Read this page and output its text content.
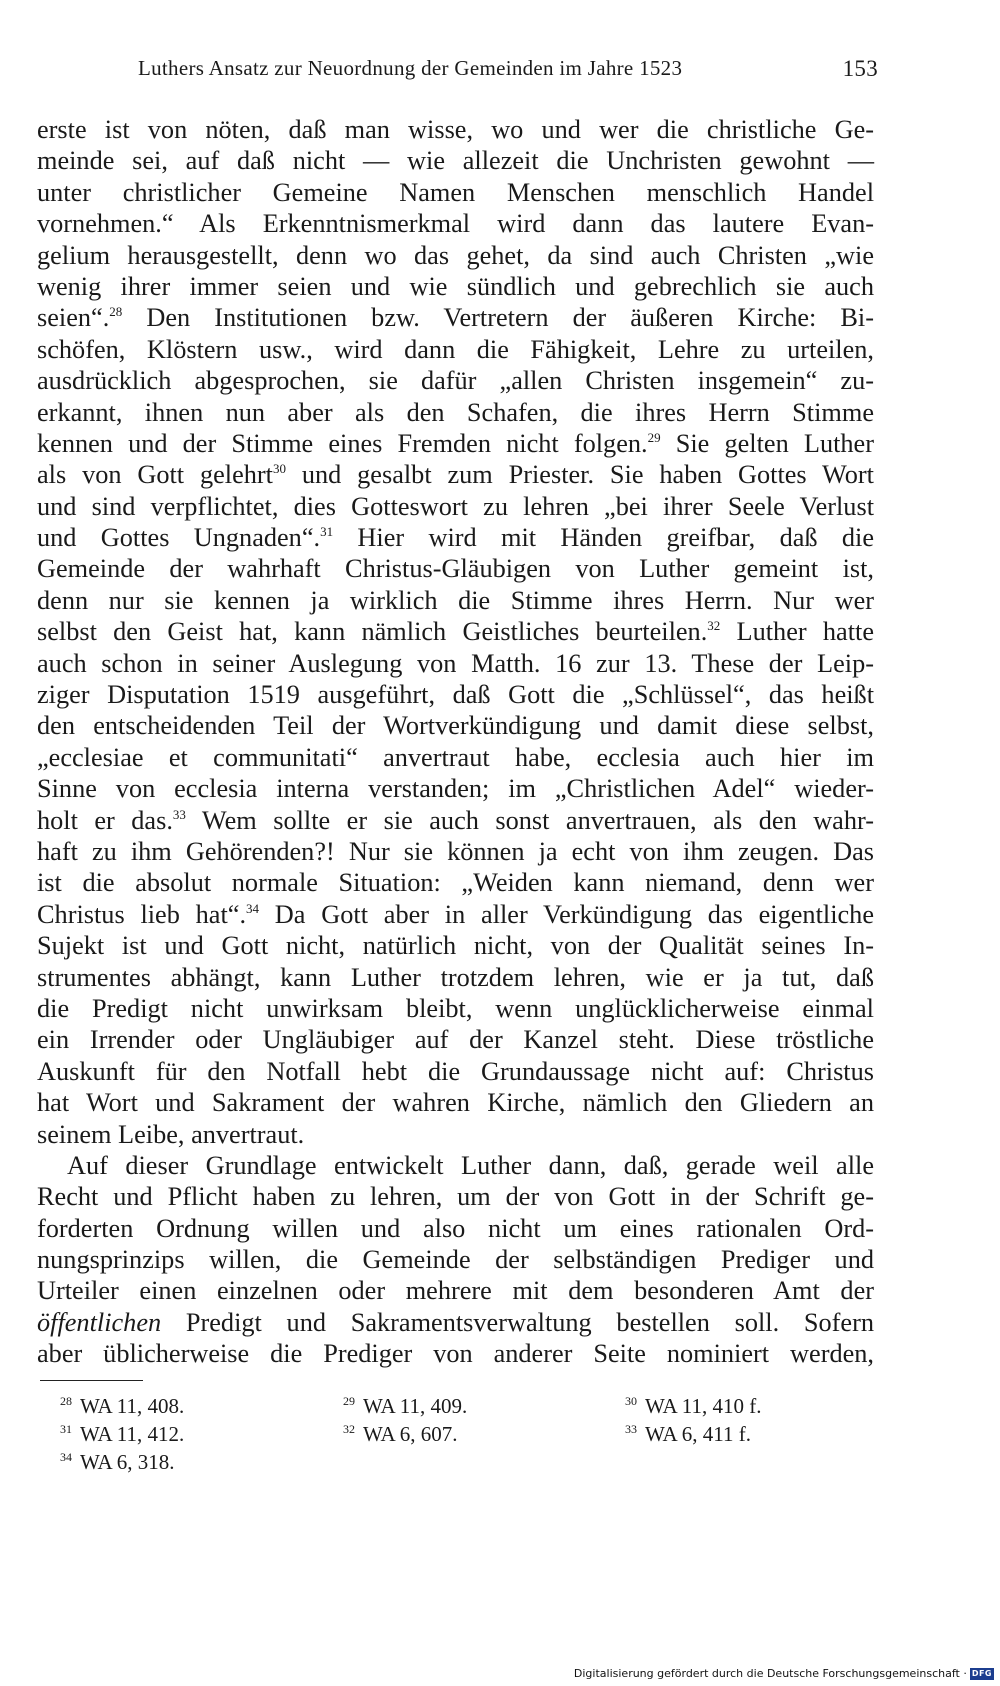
Luthers Ansatz zur Neuordnung der Gemeinden im Jahre 1523	153
erste ist von nöten, daß man wisse, wo und wer die christliche Ge-
meinde sei, auf daß nicht — wie allezeit die Unchristen gewohnt —
unter christlicher Gemeine Namen Menschen menschlich Handel
vornehmen.“ Als Erkenntnismerkmal wird dann das lautere Evan-
gelium herausgestellt, denn wo das gehet, da sind auch Christen „wie
wenig ihrer immer seien und wie sündlich und gebrechlich sie auch
seien“.$^{28}$ Den Institutionen bzw. Vertretern der äußeren Kirche: Bi-
schöfen, Klöstern usw., wird dann die Fähigkeit, Lehre zu urteilen,
ausdrücklich abgesprochen, sie dafür „allen Christen insgemein“ zu-
erkannt, ihnen nun aber als den Schafen, die ihres Herrn Stimme
kennen und der Stimme eines Fremden nicht folgen.$^{29}$ Sie gelten Luther
als von Gott gelehrt$^{30}$ und gesalbt zum Priester. Sie haben Gottes Wort
und sind verpflichtet, dies Gotteswort zu lehren „bei ihrer Seele Verlust
und Gottes Ungnaden“.$^{31}$ Hier wird mit Händen greifbar, daß die
Gemeinde der wahrhaft Christus-Gläubigen von Luther gemeint ist,
denn nur sie kennen ja wirklich die Stimme ihres Herrn. Nur wer
selbst den Geist hat, kann nämlich Geistliches beurteilen.$^{32}$ Luther hatte
auch schon in seiner Auslegung von Matth. 16 zur 13. These der Leip-
ziger Disputation 1519 ausgeführt, daß Gott die „Schlüssel“, das heißt
den entscheidenden Teil der Wortverkündigung und damit diese selbst,
„ecclesiae et communitati“ anvertraut habe, ecclesia auch hier im
Sinne von ecclesia interna verstanden; im „Christlichen Adel“ wieder-
holt er das.$^{33}$ Wem sollte er sie auch sonst anvertrauen, als den wahr-
haft zu ihm Gehörenden?! Nur sie können ja echt von ihm zeugen. Das
ist die absolut normale Situation: „Weiden kann niemand, denn wer
Christus lieb hat“.$^{34}$ Da Gott aber in aller Verkündigung das eigentliche
Sujekt ist und Gott nicht, natürlich nicht, von der Qualität seines In-
strumentes abhängt, kann Luther trotzdem lehren, wie er ja tut, daß
die Predigt nicht unwirksam bleibt, wenn unglücklicherweise einmal
ein Irrender oder Ungläubiger auf der Kanzel steht. Diese tröstliche
Auskunft für den Notfall hebt die Grundaussage nicht auf: Christus
hat Wort und Sakrament der wahren Kirche, nämlich den Gliedern an
seinem Leibe, anvertraut.
Auf dieser Grundlage entwickelt Luther dann, daß, gerade weil alle
Recht und Pflicht haben zu lehren, um der von Gott in der Schrift ge-
forderten Ordnung willen und also nicht um eines rationalen Ord-
nungsprinzips willen, die Gemeinde der selbständigen Prediger und
Urteiler einen einzelnen oder mehrere mit dem besonderen Amt der
öffentlichen Predigt und Sakramentsverwaltung bestellen soll. Sofern
aber üblicherweise die Prediger von anderer Seite nominiert werden,
$^{28}$ WA 11, 408.	$^{29}$ WA 11, 409.	$^{30}$ WA 11, 410 f.
$^{31}$ WA 11, 412.	$^{32}$ WA 6, 607.	$^{33}$ WA 6, 411 f.
$^{34}$ WA 6, 318.
Digitalisierung gefördert durch die Deutsche Forschungsgemeinschaft · DFG
